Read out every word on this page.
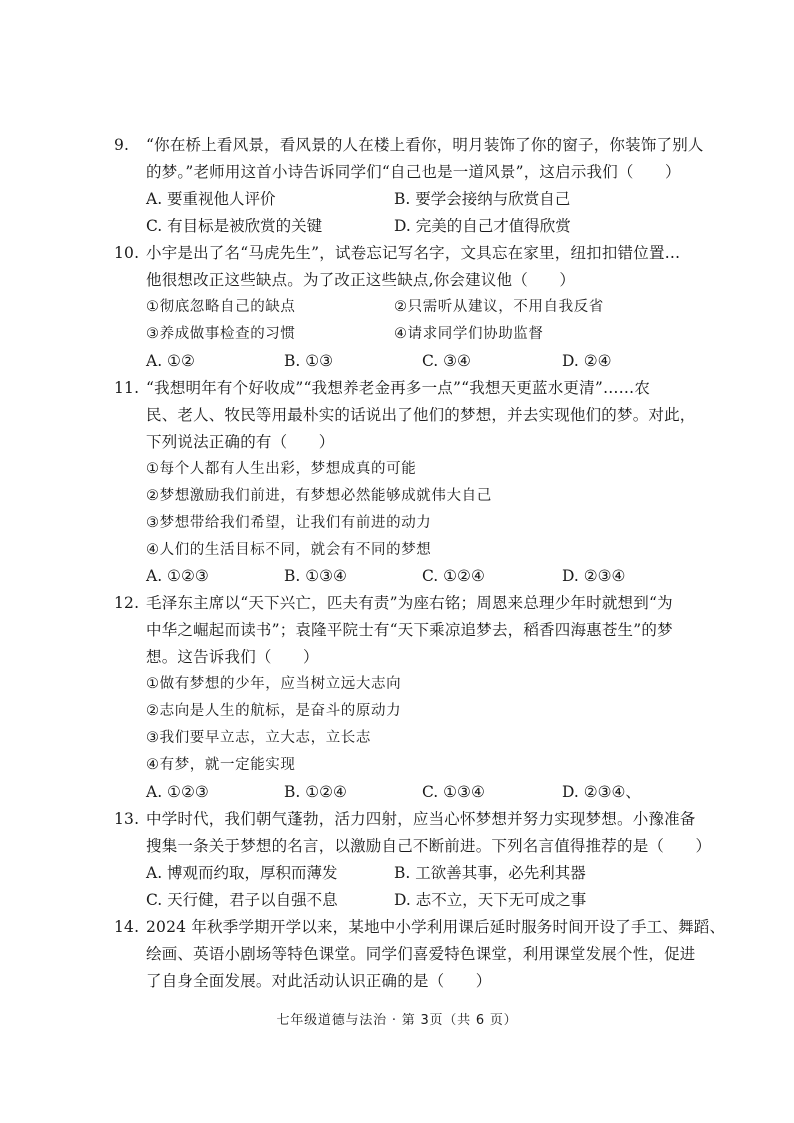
9.	“你在桥上看风景，看风景的人在楼上看你，明月装饰了你的窗子，你装饰了别人
的梦。”老师用这首小诗告诉同学们“自己也是一道风景”，这启示我们（　　）
A. 要重视他人评价	B. 要学会接纳与欣赏自己
C. 有目标是被欣赏的关键	D. 完美的自己才值得欣赏
10. 小宇是出了名“马虎先生”，试卷忘记写名字，文具忘在家里，纽扣扣错位置…
他很想改正这些缺点。为了改正这些缺点,你会建议他（　　）
①彻底忽略自己的缺点	②只需听从建议，不用自我反省
③养成做事检查的习惯	④请求同学们协助监督
A. ①②	B. ①③	C. ③④	D. ②④
11. “我想明年有个好收成”“我想养老金再多一点”“我想天更蓝水更清”……农
民、老人、牧民等用最朴实的话说出了他们的梦想，并去实现他们的梦。对此，
下列说法正确的有（　　）
①每个人都有人生出彩，梦想成真的可能
②梦想激励我们前进，有梦想必然能够成就伟大自己
③梦想带给我们希望，让我们有前进的动力
④人们的生活目标不同，就会有不同的梦想
A. ①②③	B. ①③④	C. ①②④	D. ②③④
12. 毛泽东主席以“天下兴亡，匹夫有责”为座右铭；周恩来总理少年时就想到“为
中华之崛起而读书”；袁隆平院士有“天下乘凉追梦去，稻香四海惠苍生”的梦
想。这告诉我们（　　）
①做有梦想的少年，应当树立远大志向
②志向是人生的航标，是奋斗的原动力
③我们要早立志，立大志，立长志
④有梦，就一定能实现
A. ①②③	B. ①②④	C. ①③④	D. ②③④、
13. 中学时代，我们朝气蓬勃，活力四射，应当心怀梦想并努力实现梦想。小豫准备
搜集一条关于梦想的名言，以激励自己不断前进。下列名言值得推荐的是（　　）
A. 博观而约取，厚积而薄发	B. 工欲善其事，必先利其器
C. 天行健，君子以自强不息	D. 志不立，天下无可成之事
14. 2024 年秋季学期开学以来，某地中小学利用课后延时服务时间开设了手工、舞蹈、
绘画、英语小剧场等特色课堂。同学们喜爱特色课堂，利用课堂发展个性，促进
了自身全面发展。对此活动认识正确的是（　　）
七年级道德与法治 · 第 3页（共 6 页）
